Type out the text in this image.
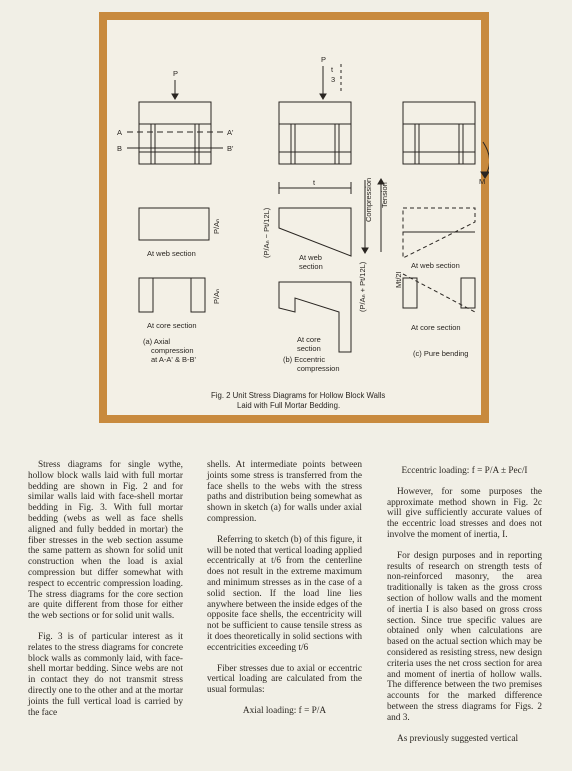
P
P
t
3
A	A'
B	B'
M
t	Compression Tension
At web section
At core section
P/Aₙ
P/Aₙ
At web
section
At core
section
(P/Aₙ − Pt/12L)
(P/Aₙ + Pt/12L)	At web section
At core section
Mt/2I
(a) Axial
compression
at A-A' & B-B'	(b) Eccentric
compression
(c) Pure bending
Fig. 2 Unit Stress Diagrams for Hollow Block Walls
Laid with Full Mortar Bedding.

Stress diagrams for single wythe, hollow block walls laid with full mortar bedding are shown in Fig. 2 and for similar walls laid with face-shell mortar bedding in Fig. 3. With full mortar bedding (webs as well as face shells aligned and fully bedded in mortar) the fiber stresses in the web section assume the same pattern as shown for solid unit construction when the load is axial compression but differ somewhat with respect to eccentric compression loading. The stress diagrams for the core section are quite different from those for either the web sections or for solid unit walls.

Fig. 3 is of particular interest as it relates to the stress diagrams for concrete block walls as commonly laid, with face-shell mortar bedding. Since webs are not in contact they do not transmit stress directly one to the other and at the mortar joints the full vertical load is carried by the face

shells. At intermediate points between joints some stress is transferred from the face shells to the webs with the stress paths and distribution being somewhat as shown in sketch (a) for walls under axial compression.

Referring to sketch (b) of this figure, it will be noted that vertical loading applied eccentrically at t/6 from the centerline does not result in the extreme maximum and minimum stresses as in the case of a solid section. If the load line lies anywhere between the inside edges of the opposite face shells, the eccentricity will not be sufficient to cause tensile stress as it does theoretically in solid sections with eccentricities exceeding t/6

Fiber stresses due to axial or eccentric vertical loading are calculated from the usual formulas:

Axial loading: f = P/A

Eccentric loading: f = P/A ± Pec/I

However, for some purposes the approximate method shown in Fig. 2c will give sufficiently accurate values of the eccentric load stresses and does not involve the moment of inertia, I.

For design purposes and in reporting results of research on strength tests of non-reinforced masonry, the area traditionally is taken as the gross cross section of hollow walls and the moment of inertia I is also based on gross cross section. Since true specific values are obtained only when calculations are based on the actual section which may be considered as resisting stress, new design criteria uses the net cross section for area and moment of inertia of hollow walls. The difference between the two premises accounts for the marked difference between the stress diagrams for Figs. 2 and 3.

As previously suggested vertical
